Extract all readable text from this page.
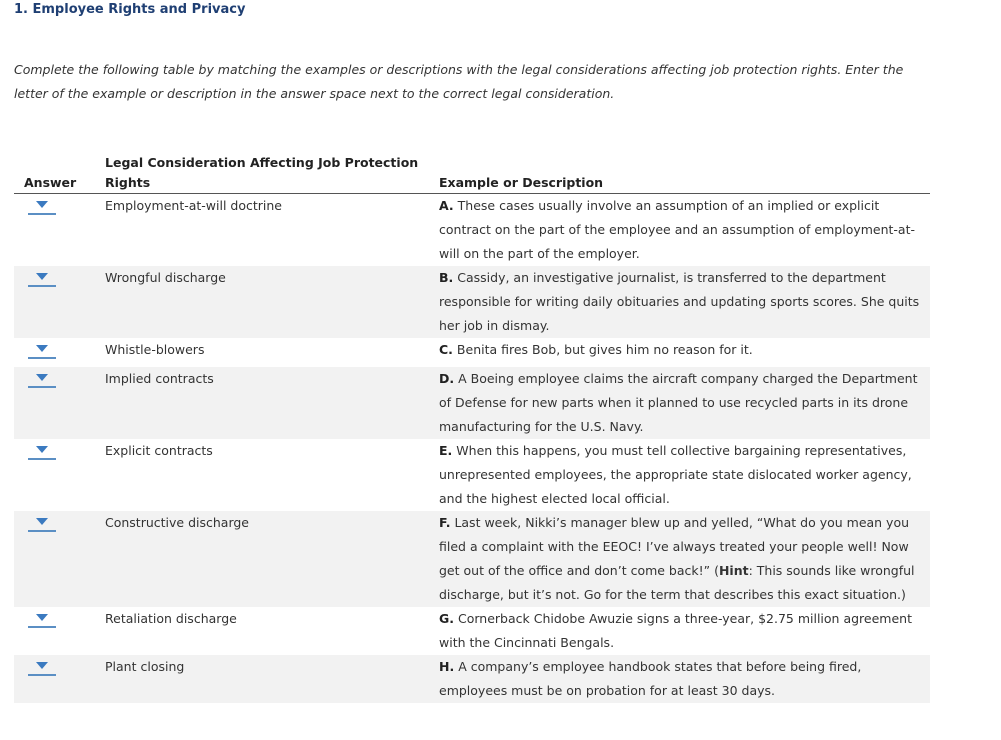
1. Employee Rights and Privacy
Complete the following table by matching the examples or descriptions with the legal considerations affecting job protection rights. Enter the letter of the example or description in the answer space next to the correct legal consideration.
Answer	Legal Consideration Affecting Job Protection Rights	Example or Description

	Employment-at-will doctrine	A. These cases usually involve an assumption of an implied or explicit contract on the part of the employee and an assumption of employment-at-will on the part of the employer.

	Wrongful discharge	B. Cassidy, an investigative journalist, is transferred to the department responsible for writing daily obituaries and updating sports scores. She quits her job in dismay.

	Whistle-blowers	C. Benita fires Bob, but gives him no reason for it.

	Implied contracts	D. A Boeing employee claims the aircraft company charged the Department of Defense for new parts when it planned to use recycled parts in its drone manufacturing for the U.S. Navy.

	Explicit contracts	E. When this happens, you must tell collective bargaining representatives, unrepresented employees, the appropriate state dislocated worker agency, and the highest elected local official.

	Constructive discharge	F. Last week, Nikki’s manager blew up and yelled, “What do you mean you filed a complaint with the EEOC! I’ve always treated your people well! Now get out of the office and don’t come back!” (Hint: This sounds like wrongful discharge, but it’s not. Go for the term that describes this exact situation.)

	Retaliation discharge	G. Cornerback Chidobe Awuzie signs a three-year, $2.75 million agreement with the Cincinnati Bengals.

	Plant closing	H. A company’s employee handbook states that before being fired, employees must be on probation for at least 30 days.
